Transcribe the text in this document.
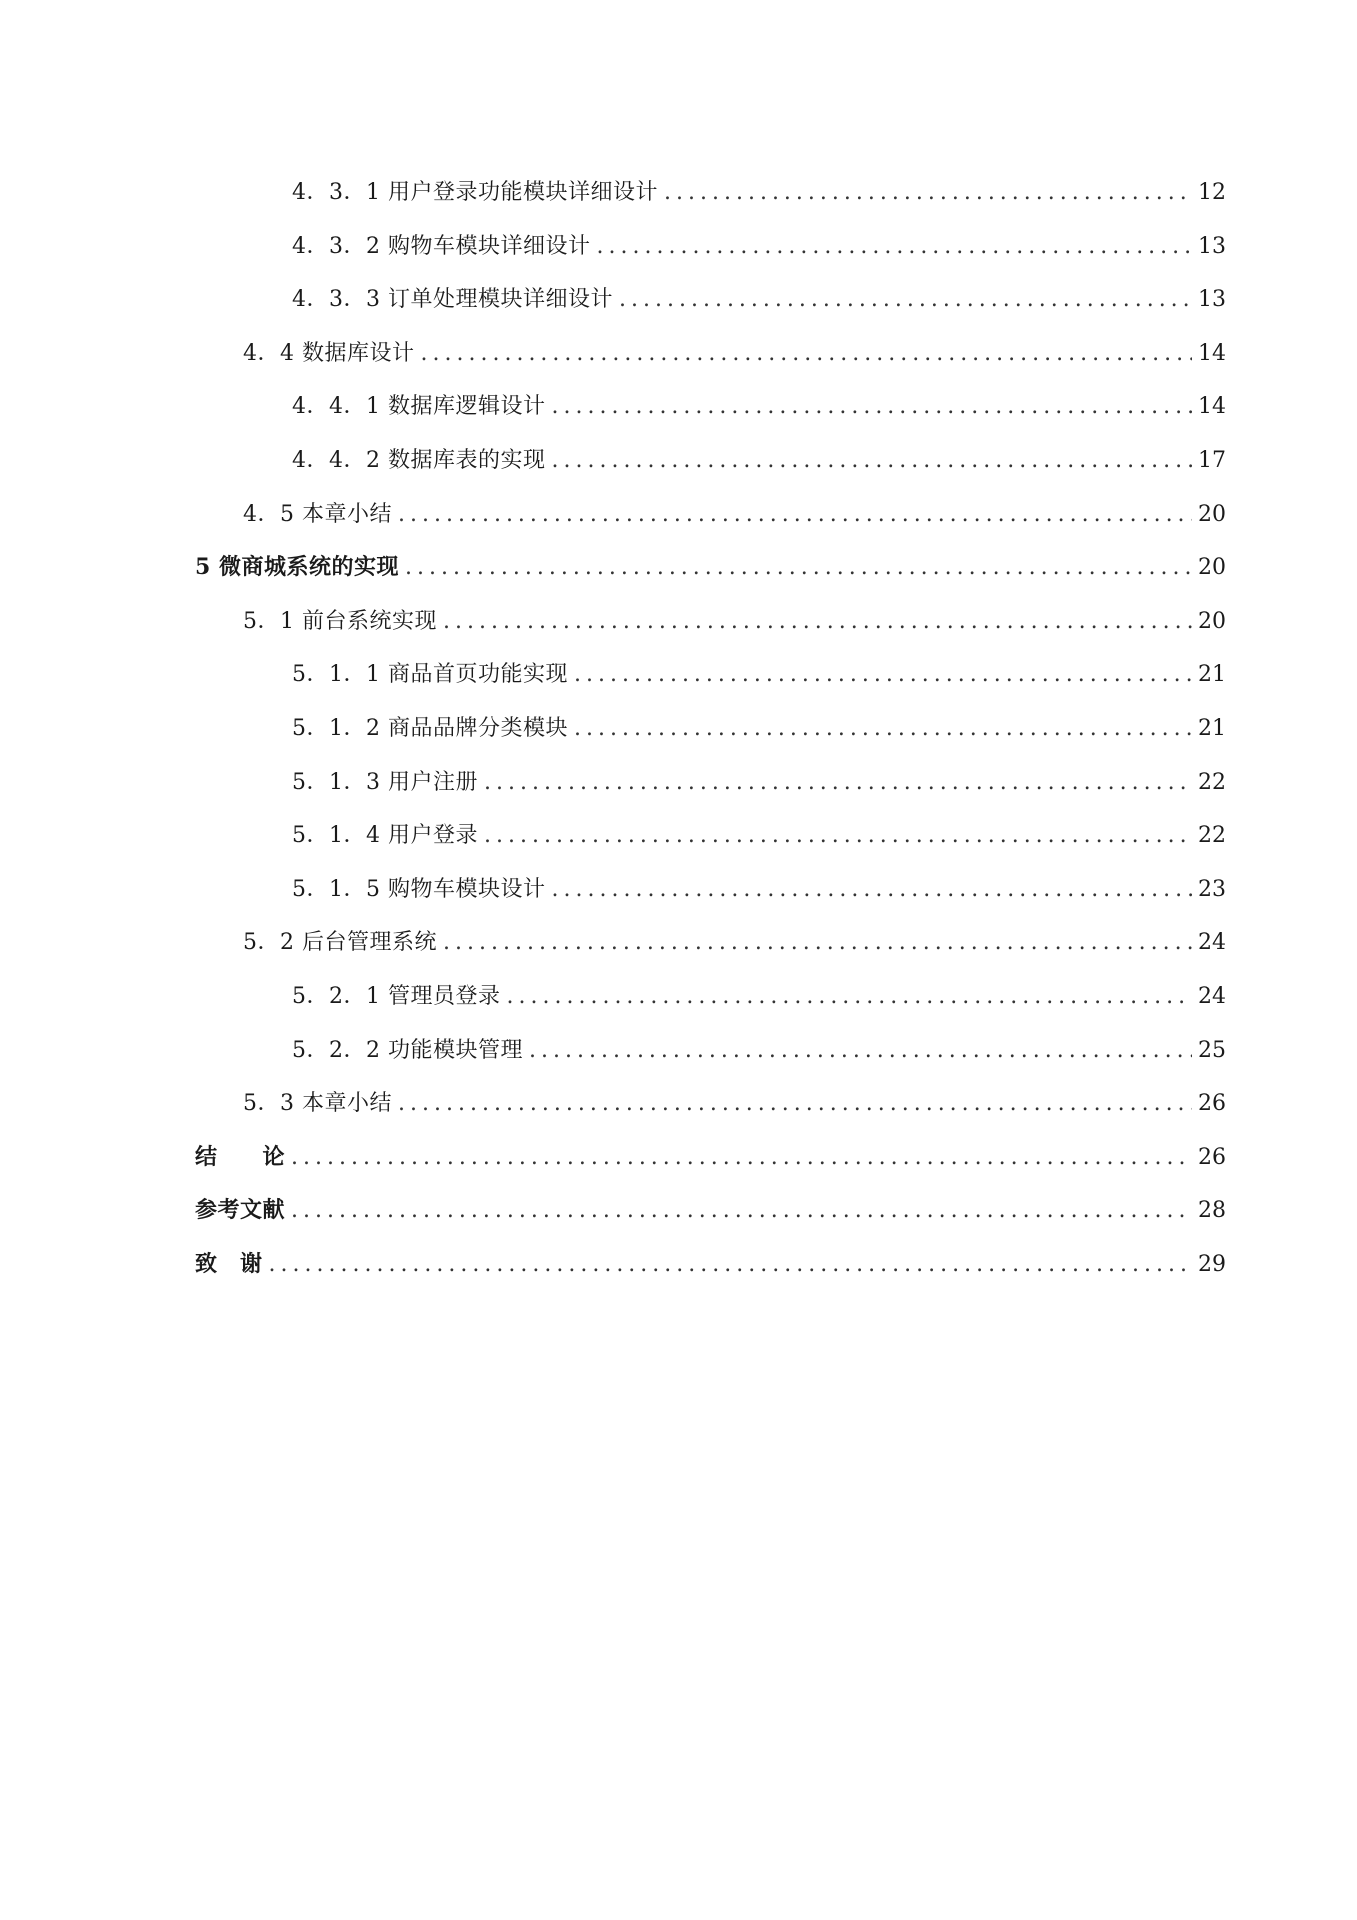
4．3．1 用户登录功能模块详细设计 .....	12
4．3．2 购物车模块详细设计 .....	13
4．3．3 订单处理模块详细设计 .....	13
4．4 数据库设计 .....	14
4．4．1 数据库逻辑设计 .....	14
4．4．2 数据库表的实现 .....	17
4．5 本章小结 .....	20
5 微商城系统的实现 .....	20
5．1 前台系统实现 .....	20
5．1．1 商品首页功能实现 .....	21
5．1．2 商品品牌分类模块 .....	21
5．1．3 用户注册 .....	22
5．1．4 用户登录 .....	22
5．1．5 购物车模块设计 .....	23
5．2 后台管理系统 .....	24
5．2．1 管理员登录 .....	24
5．2．2 功能模块管理 .....	25
5．3 本章小结 .....	26
结　　论 .....	26
参考文献 .....	28
致　谢 .....	29
